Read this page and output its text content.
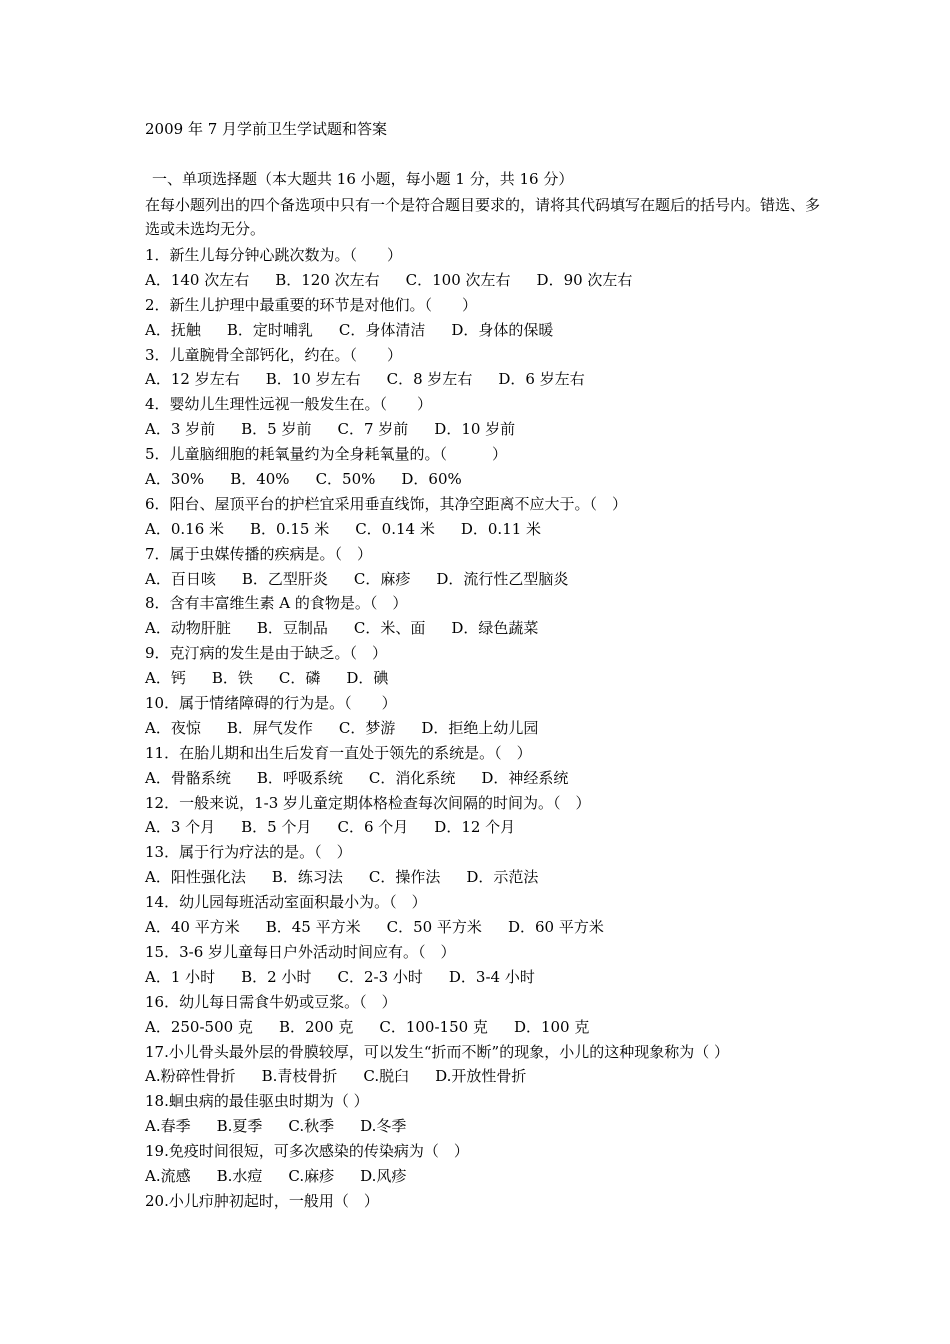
2009 年 7 月学前卫生学试题和答案
一、单项选择题（本大题共 16 小题，每小题 1 分，共 16 分）
在每小题列出的四个备选项中只有一个是符合题目要求的，请将其代码填写在题后的括号内。错选、多选或未选均无分。
1．新生儿每分钟心跳次数为。（　　）
A．140 次左右 B．120 次左右 C．100 次左右 D．90 次左右
2．新生儿护理中最重要的环节是对他们。（　　）
A．抚触 B．定时哺乳 C．身体清洁 D．身体的保暖
3．儿童腕骨全部钙化，约在。（　　）
A．12 岁左右 B．10 岁左右 C．8 岁左右 D．6 岁左右
4．婴幼儿生理性远视一般发生在。（　　）
A．3 岁前 B．5 岁前 C．7 岁前 D．10 岁前
5．儿童脑细胞的耗氧量约为全身耗氧量的。（　　　）
A．30% B．40% C．50% D．60%
6．阳台、屋顶平台的护栏宜采用垂直线饰，其净空距离不应大于。（　）
A．0.16 米 B．0.15 米 C．0.14 米 D．0.11 米
7．属于虫媒传播的疾病是。（　）
A．百日咳 B．乙型肝炎 C．麻疹 D．流行性乙型脑炎
8．含有丰富维生素 A 的食物是。（　）
A．动物肝脏 B．豆制品 C．米、面 D．绿色蔬菜
9．克汀病的发生是由于缺乏。（　）
A．钙 B．铁 C．磷 D．碘
10．属于情绪障碍的行为是。（　　）
A．夜惊 B．屏气发作 C．梦游 D．拒绝上幼儿园
11．在胎儿期和出生后发育一直处于领先的系统是。（　）
A．骨骼系统 B．呼吸系统 C．消化系统 D．神经系统
12．一般来说，1-3 岁儿童定期体格检查每次间隔的时间为。（　）
A．3 个月 B．5 个月 C．6 个月 D．12 个月
13．属于行为疗法的是。（　）
A．阳性强化法 B．练习法 C．操作法 D．示范法
14．幼儿园每班活动室面积最小为。（　）
A．40 平方米 B．45 平方米 C．50 平方米 D．60 平方米
15．3-6 岁儿童每日户外活动时间应有。（　）
A．1 小时 B．2 小时 C．2-3 小时 D．3-4 小时
16．幼儿每日需食牛奶或豆浆。（　）
A．250-500 克 B．200 克 C．100-150 克 D．100 克
17.小儿骨头最外层的骨膜较厚，可以发生“折而不断”的现象，小儿的这种现象称为（ ）
A.粉碎性骨折 B.青枝骨折 C.脱臼 D.开放性骨折
18.蛔虫病的最佳驱虫时期为（ ）
A.春季 B.夏季 C.秋季 D.冬季
19.免疫时间很短，可多次感染的传染病为（　）
A.流感 B.水痘 C.麻疹 D.风疹
20.小儿疖肿初起时，一般用（　）
